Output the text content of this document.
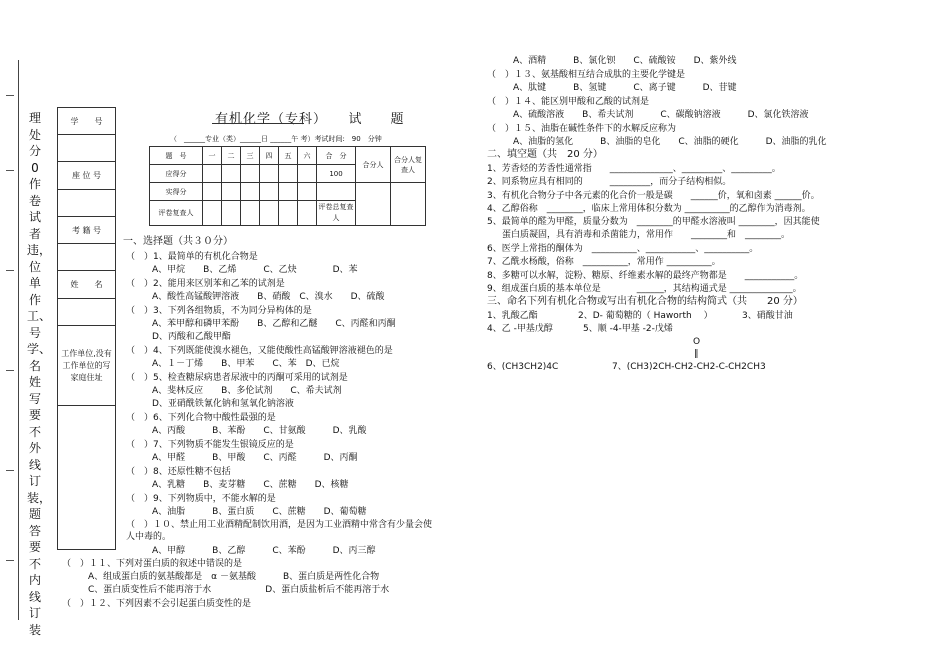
理处分0作卷试者违，位单作工、号学、名姓写要不外线订装，题答要不内线订装
学　　号
座 位 号
考 籍 号
姓　　名
工作单位,没有工作单位的写家庭住址
有机化学（专科）　　试　　题
（　______专业（类）______日 ______午 考）考试时间:　90　分钟
题　号	一	二	三	四	五	六	合　分	合分人	合分人复查人
应得分							100		
实得分									
评卷复查人							评卷总复查人		
一、选择题（共３０分）
（　）1、最简单的有机化合物是
A、甲烷　　B、乙烯　　　C、乙炔　　　　D、苯
（　）2、能用来区别苯和乙苯的试剂是
A、酸性高锰酸钾溶液　　B、硝酸　C、溴水　　D、硫酸
（　）3、下列各组物质，不为同分异构体的是
A、苯甲醇和磷甲苯酚　　B、乙醇和乙醚　　C、丙醛和丙酮
D、丙酸和乙酸甲酯
（　）4、下列既能使溴水褪色，又能使酸性高锰酸钾溶液褪色的是
A、１－丁烯　　B、甲苯　　C、苯　D、已烷
（　）5、检查糖尿病患者尿液中的丙酮可采用的试剂是
A、斐林反应　　B、多伦试剂　　C、希夫试剂
D、亚硝酰铁氰化钠和氢氧化钠溶液
（　）6、下列化合物中酸性最强的是
A、丙酸　　　B、苯酚　　C、甘氨酸　　　D、乳酸
（　）7、下列物质不能发生银镜反应的是
A、甲醛　　　B、甲酸　　C、丙醛　　　D、丙酮
（　）8、还原性糖不包括
A、乳糖　　B、麦芽糖　　C、蔗糖　　D、核糖
（　）9、下列物质中，不能水解的是
A、油脂　　　B、蛋白质　　C、蔗糖　　D、葡萄糖
（　）１０、禁止用工业酒精配制饮用酒，是因为工业酒精中常含有少量会使
人中毒的。
A、甲醇　　　B、乙醇　　　C、苯酚　　　D、丙三醇
（　）１１、下列对蛋白质的叙述中错误的是
A、组成蛋白质的氨基酸都是　α －氨基酸　　　B、蛋白质是两性化合物
C、蛋白质变性后不能再溶于水　　　　　　D、蛋白质盐析后不能再溶于水
（　）１２、下列因素不会引起蛋白质变性的是
A、酒精　　　B、氯化钡　　C、硫酸铵　　D、紫外线
（　）１３、氨基酸相互结合成肽的主要化学键是
A、肽键　　　B、氢键　　　C、离子键　　　D、苷键
（　）１４、能区别甲酸和乙酸的试剂是
A、硫酸溶液　　B、希夫试剂　　　C、碳酸钠溶液　　　D、氯化铁溶液
（　）１５、油脂在碱性条件下的水解反应称为
A、油脂的氢化　　　B、油脂的皂化　　C、油脂的硬化　　　D、油脂的乳化
二、填空题（共　20 分）
1、芳香烃的芳香性通常指　　______________、_________、_________。
2、同系物应具有相同的　　　_________，而分子结构相似。
3、有机化合物分子中各元素的化合价一般是碳　　______价，氧和卤素 ______价。
4、乙醇俗称　________，临床上常用体积分数为 __________的乙醇作为消毒剂。
5、最简单的醛为甲醛，质量分数为　________的甲醛水溶液叫 ________，因其能使
蛋白质凝固，具有消毒和杀菌能力，常用作　　________和　________。
6、医学上常指的酮体为　__________、___________、__________。
7、乙酰水杨酸，俗称　__________，常用作 __________。
8、多糖可以水解，淀粉、糖原、纤维素水解的最终产物都是　　___________。
9、组成蛋白质的基本单位是　　　　______，其结构通式是 ______________。
三、命名下列有机化合物或写出有机化合物的结构简式（共　　20 分）
1、乳酸乙酯	2、D- 葡萄糖的（ Haworth　 ）	3、硝酸甘油
4、乙 -甲基戊醇	5、顺 -4-甲基 -2-戊烯
O
‖
6、(CH3CH2)4C	7、(CH3)2CH-CH2-CH2-C-CH2CH3
